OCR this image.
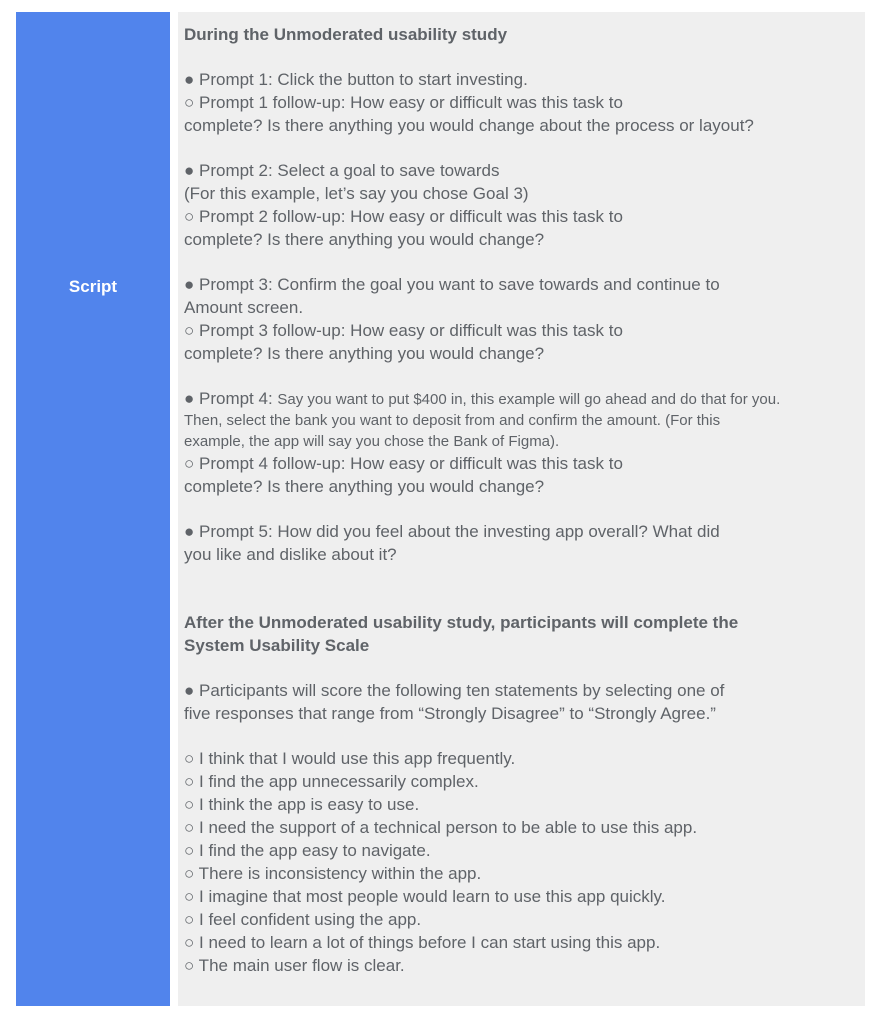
Script

During the Unmoderated usability study

● Prompt 1: Click the button to start investing.

○ Prompt 1 follow-up: How easy or difficult was this task to

complete? Is there anything you would change about the process or layout?

● Prompt 2: Select a goal to save towards

(For this example, let’s say you chose Goal 3)

○ Prompt 2 follow-up: How easy or difficult was this task to

complete? Is there anything you would change?

● Prompt 3: Confirm the goal you want to save towards and continue to

Amount screen.

○ Prompt 3 follow-up: How easy or difficult was this task to

complete? Is there anything you would change?

● Prompt 4: Say you want to put $400 in, this example will go ahead and do that for you.

Then, select the bank you want to deposit from and confirm the amount. (For this

example, the app will say you chose the Bank of Figma).

○ Prompt 4 follow-up: How easy or difficult was this task to

complete? Is there anything you would change?

● Prompt 5: How did you feel about the investing app overall? What did

you like and dislike about it?

After the Unmoderated usability study, participants will complete the

System Usability Scale

● Participants will score the following ten statements by selecting one of

five responses that range from “Strongly Disagree” to “Strongly Agree.”

○ I think that I would use this app frequently.

○ I find the app unnecessarily complex.

○ I think the app is easy to use.

○ I need the support of a technical person to be able to use this app.

○ I find the app easy to navigate.

○ There is inconsistency within the app.

○ I imagine that most people would learn to use this app quickly.

○ I feel confident using the app.

○ I need to learn a lot of things before I can start using this app.

○ The main user flow is clear.
